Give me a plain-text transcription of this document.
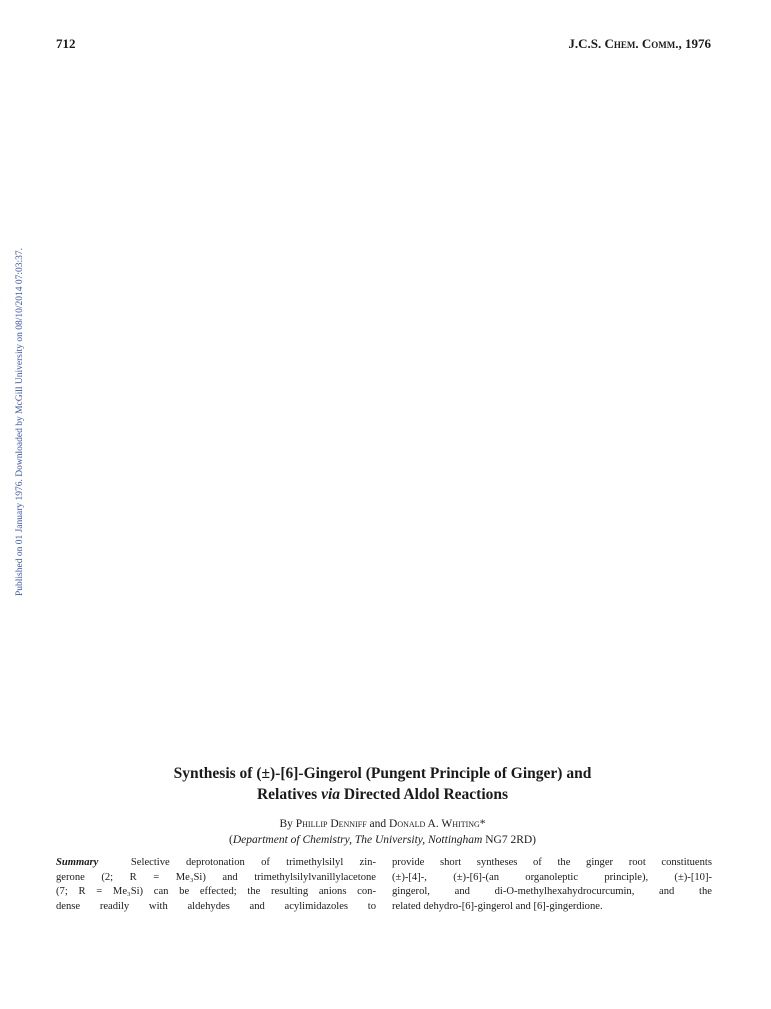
712	J.C.S. Chem. Comm., 1976
Published on 01 January 1976. Downloaded by McGill University on 08/10/2014 07:03:37.
Synthesis of (±)-[6]-Gingerol (Pungent Principle of Ginger) and
Relatives via Directed Aldol Reactions
By Phillip Denniff and Donald A. Whiting*
(Department of Chemistry, The University, Nottingham NG7 2RD)
Summary	Selective deprotonation of trimethylsilyl zin-
gerone (2; R = Me₃Si) and trimethylsilylvanillylacetone
(7; R = Me₃Si) can be effected; the resulting anions con-
dense readily with aldehydes and acylimidazoles to
provide short syntheses of the ginger root constituents
(±)-[4]-, (±)-[6]-(an organoleptic principle), (±)-[10]-
gingerol, and di-O-methylhexahydrocurcumin, and the
related dehydro-[6]-gingerol and [6]-gingerdione.
